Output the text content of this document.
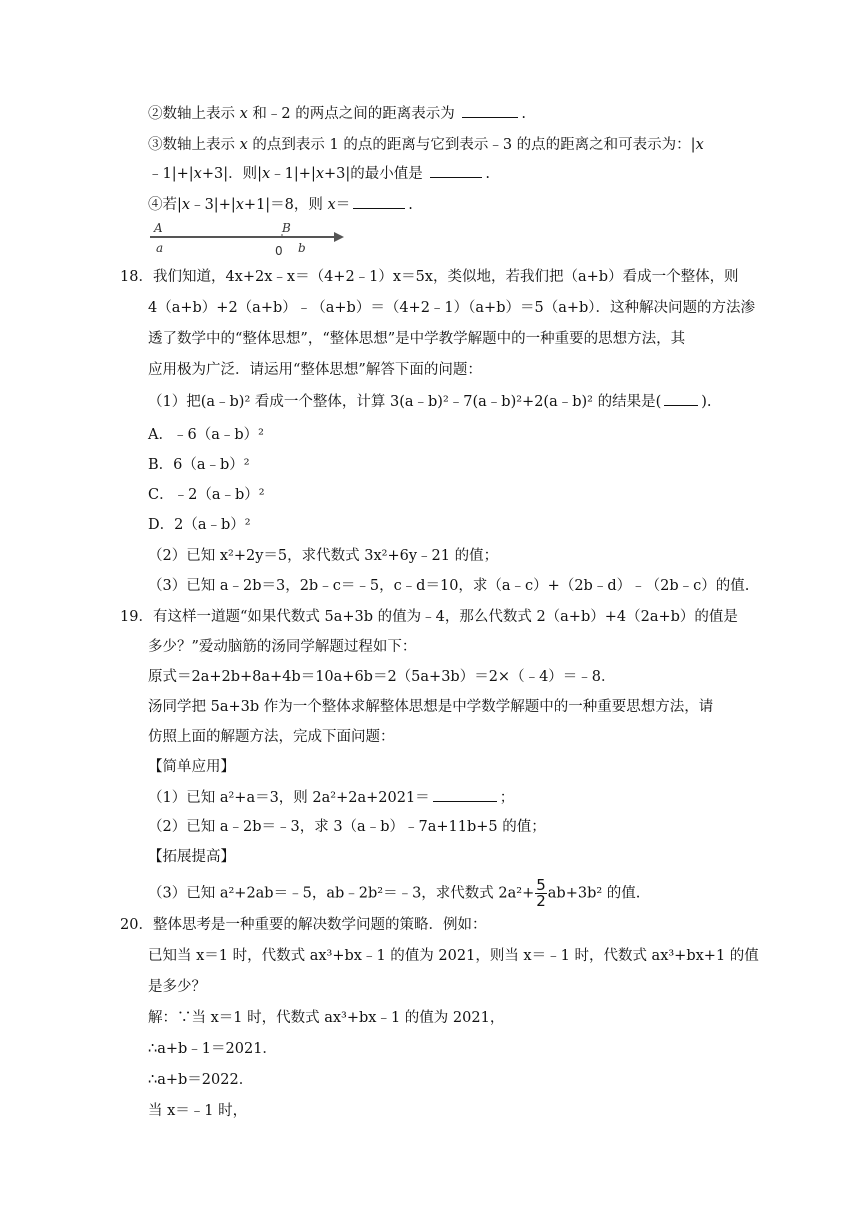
②数轴上表示 x 和﹣2 的两点之间的距离表示为	.
③数轴上表示 x 的点到表示 1 的点的距离与它到表示﹣3 的点的距离之和可表示为：|x
﹣1|+|x+3|．则|x﹣1|+|x+3|的最小值是	.
④若|x﹣3|+|x+1|＝8，则 x＝	.
A
a	0
B
b
18．我们知道，4x+2x﹣x＝（4+2﹣1）x＝5x，类似地，若我们把（a+b）看成一个整体，则
4（a+b）+2（a+b）﹣（a+b）＝（4+2﹣1）（a+b）＝5（a+b）．这种解决问题的方法渗
透了数学中的“整体思想”，“整体思想”是中学教学解题中的一种重要的思想方法，其
应用极为广泛．请运用“整体思想”解答下面的问题：
（1）把(a﹣b)² 看成一个整体，计算 3(a﹣b)²﹣7(a﹣b)²+2(a﹣b)² 的结果是(	).
A．﹣6（a﹣b）²
B．6（a﹣b）²
C．﹣2（a﹣b）²
D．2（a﹣b）²
（2）已知 x²+2y＝5，求代数式 3x²+6y﹣21 的值；
（3）已知 a﹣2b＝3，2b﹣c＝﹣5，c﹣d＝10，求（a﹣c）+（2b﹣d）﹣（2b﹣c）的值.
19．有这样一道题“如果代数式 5a+3b 的值为﹣4，那么代数式 2（a+b）+4（2a+b）的值是
多少？”爱动脑筋的汤同学解题过程如下：
原式＝2a+2b+8a+4b＝10a+6b＝2（5a+3b）＝2×（﹣4）＝﹣8．
汤同学把 5a+3b 作为一个整体求解整体思想是中学数学解题中的一种重要思想方法，请
仿照上面的解题方法，完成下面问题：
【简单应用】
（1）已知 a²+a＝3，则 2a²+2a+2021＝	；
（2）已知 a﹣2b＝﹣3，求 3（a﹣b）﹣7a+11b+5 的值；
【拓展提高】
（3）已知 a²+2ab＝﹣5，ab﹣2b²＝﹣3，求代数式 $2a^2+ \frac{5}{2} ab+3b^2$ 的值.
20．整体思考是一种重要的解决数学问题的策略．例如：
已知当 x＝1 时，代数式 ax³+bx﹣1 的值为 2021，则当 x＝﹣1 时，代数式 ax³+bx+1 的值
是多少？
解：∵当 x＝1 时，代数式 ax³+bx﹣1 的值为 2021，
∴a+b﹣1＝2021．
∴a+b＝2022．
当 x＝﹣1 时，
